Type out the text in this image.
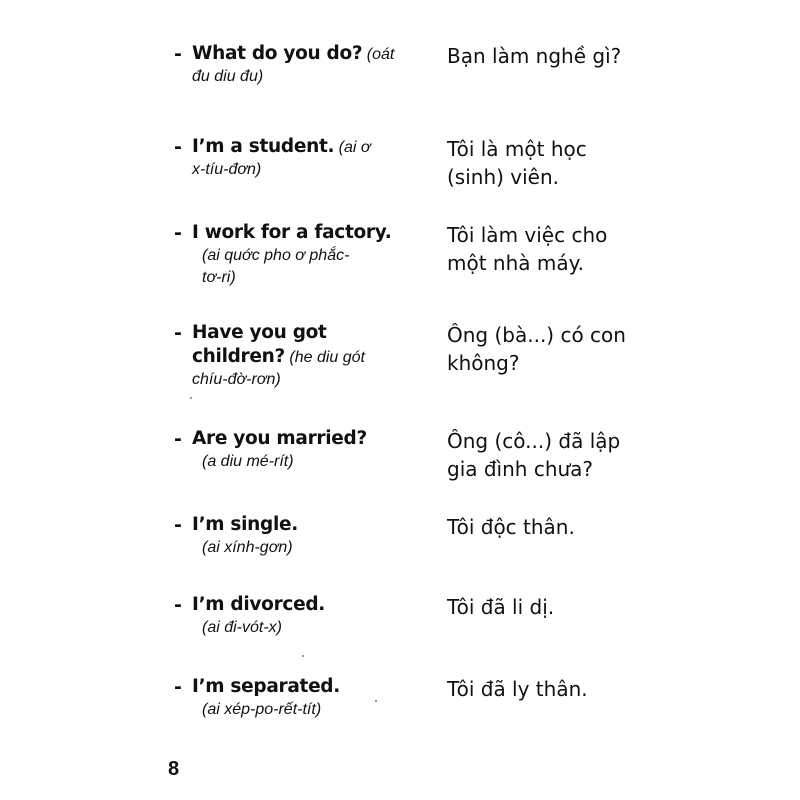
- What do you do? (oát
đu diu đu)
Bạn làm nghề gì?
- I’m a student. (ai ơ
x-tíu-đơn)
Tôi là một học
(sinh) viên.
- I work for a factory.
(ai quớc pho ơ phắc-
tơ-ri)
Tôi làm việc cho
một nhà máy.
- Have you got
children? (he diu gót
chíu-đờ-rơn)
Ông (bà...) có con
không?
- Are you married?
(a diu mé-rít)
Ông (cô...) đã lập
gia đình chưa?
- I’m single.
(ai xính-gơn)
Tôi độc thân.
- I’m divorced.
(ai đi-vót-x)
Tôi đã li dị.
- I’m separated.
(ai xép-po-rết-tít)
Tôi đã ly thân.
8
